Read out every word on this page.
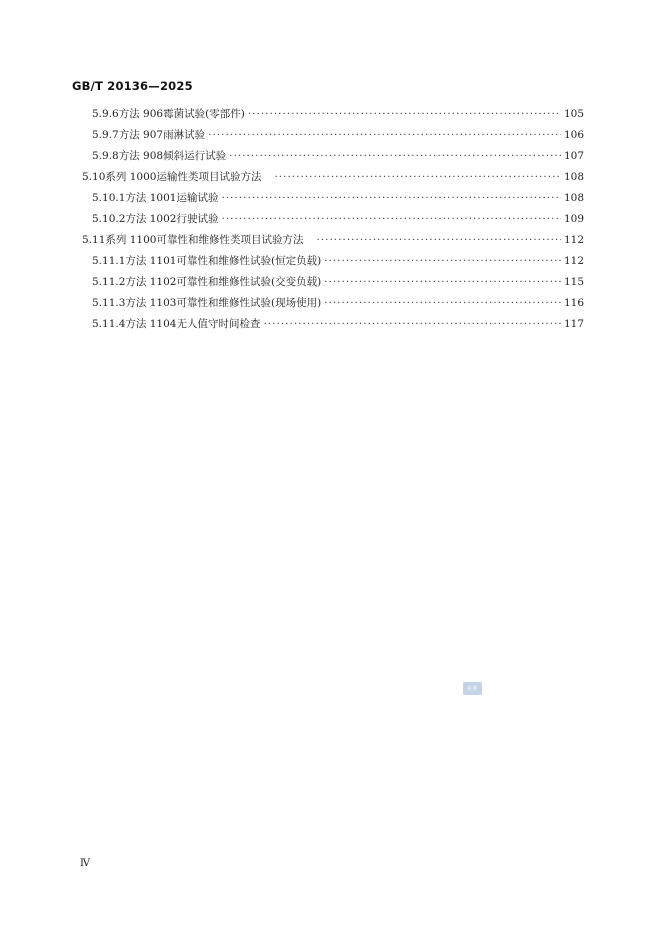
GB/T 20136—2025
5.9.6 方法 906 霉菌试验(零部件) ·····	105
5.9.7 方法 907 雨淋试验 ·····	106
5.9.8 方法 908 倾斜运行试验 ·····	107
5.10 系列 1000 运输性类项目试验方法 ·····	108
5.10.1 方法 1001 运输试验 ·····	108
5.10.2 方法 1002 行驶试验 ·····	109
5.11 系列 1100 可靠性和维修性类项目试验方法 ·····	112
5.11.1 方法 1101 可靠性和维修性试验(恒定负载) ·····	112
5.11.2 方法 1102 可靠性和维修性试验(交变负载) ·····	115
5.11.3 方法 1103 可靠性和维修性试验(现场使用) ·····	116
5.11.4 方法 1104 无人值守时间检查 ·····	117
标准
Ⅳ
